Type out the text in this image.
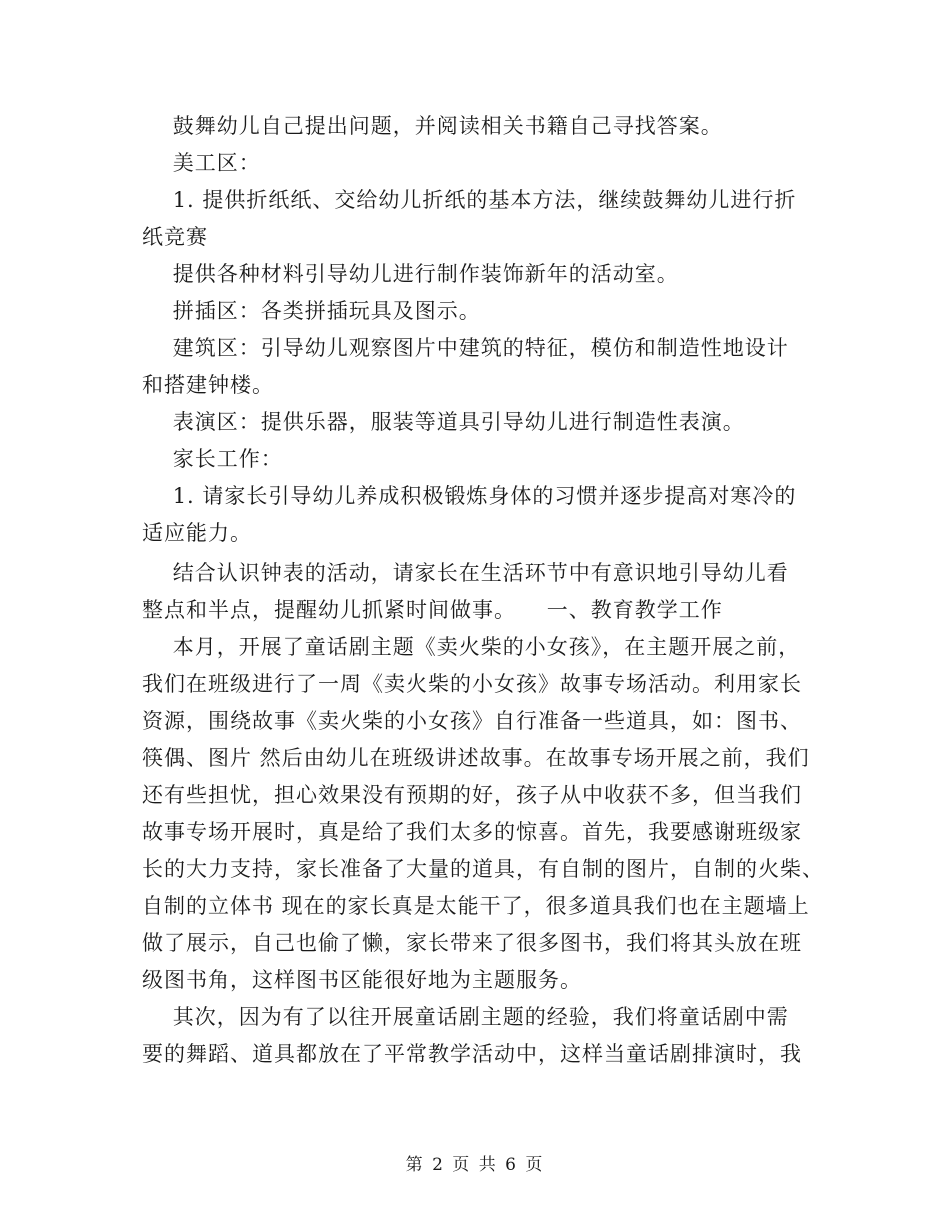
鼓舞幼儿自己提出问题，并阅读相关书籍自己寻找答案。
美工区：
1. 提供折纸纸、交给幼儿折纸的基本方法，继续鼓舞幼儿进行折
纸竞赛
提供各种材料引导幼儿进行制作装饰新年的活动室。
拼插区：各类拼插玩具及图示。
建筑区：引导幼儿观察图片中建筑的特征，模仿和制造性地设计
和搭建钟楼。
表演区：提供乐器，服装等道具引导幼儿进行制造性表演。
家长工作：
1. 请家长引导幼儿养成积极锻炼身体的习惯并逐步提高对寒冷的
适应能力。
结合认识钟表的活动，请家长在生活环节中有意识地引导幼儿看
整点和半点，提醒幼儿抓紧时间做事。    一、教育教学工作
本月，开展了童话剧主题《卖火柴的小女孩》，在主题开展之前，
我们在班级进行了一周《卖火柴的小女孩》故事专场活动。利用家长
资源，围绕故事《卖火柴的小女孩》自行准备一些道具，如：图书、
筷偶、图片 然后由幼儿在班级讲述故事。在故事专场开展之前，我们
还有些担忧，担心效果没有预期的好，孩子从中收获不多，但当我们
故事专场开展时，真是给了我们太多的惊喜。首先，我要感谢班级家
长的大力支持，家长准备了大量的道具，有自制的图片，自制的火柴、
自制的立体书 现在的家长真是太能干了，很多道具我们也在主题墙上
做了展示，自己也偷了懒，家长带来了很多图书，我们将其头放在班
级图书角，这样图书区能很好地为主题服务。
其次，因为有了以往开展童话剧主题的经验，我们将童话剧中需
要的舞蹈、道具都放在了平常教学活动中，这样当童话剧排演时，我
第 2 页 共 6 页
